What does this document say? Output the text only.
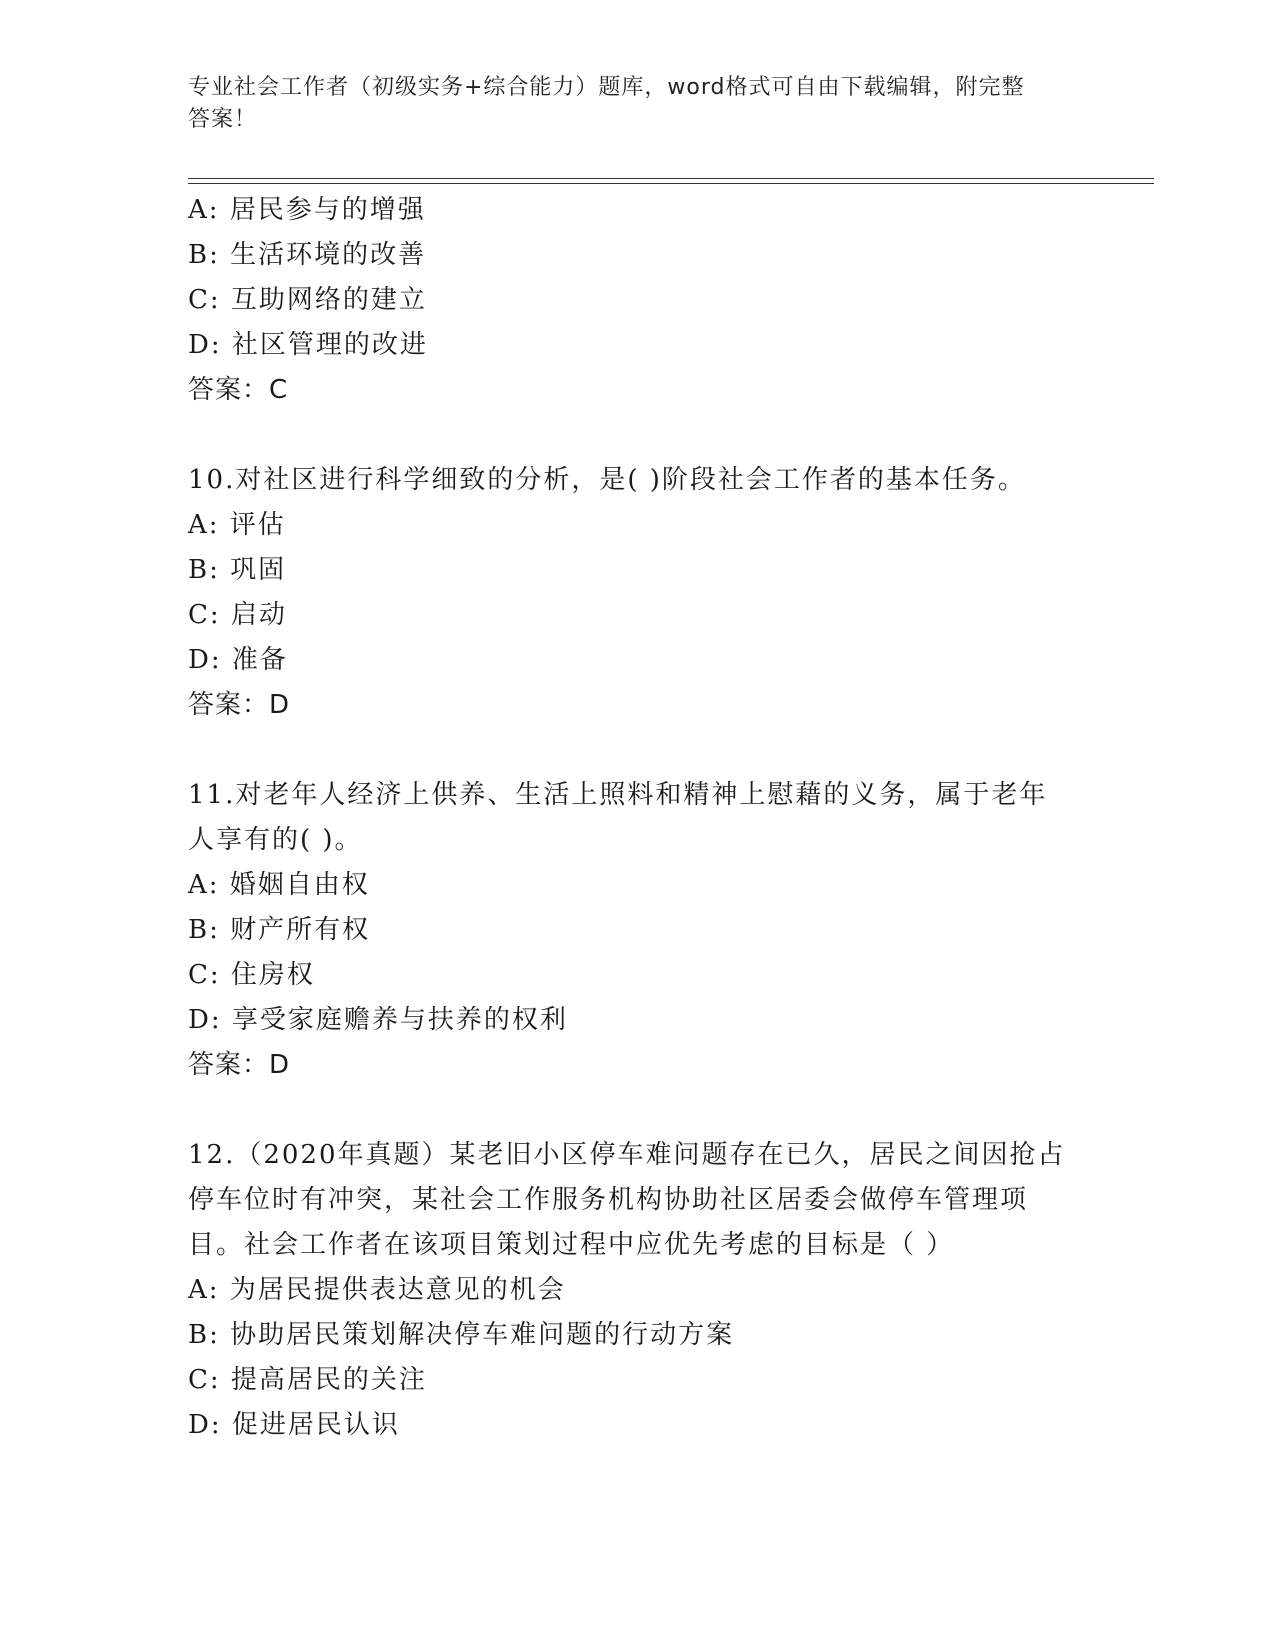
专业社会工作者（初级实务+综合能力）题库，word格式可自由下载编辑，附完整
答案！
A: 居民参与的增强
B: 生活环境的改善
C: 互助网络的建立
D: 社区管理的改进
答案：C
10.对社区进行科学细致的分析，是( )阶段社会工作者的基本任务。
A: 评估
B: 巩固
C: 启动
D: 准备
答案：D
11.对老年人经济上供养、生活上照料和精神上慰藉的义务，属于老年
人享有的( )。
A: 婚姻自由权
B: 财产所有权
C: 住房权
D: 享受家庭赡养与扶养的权利
答案：D
12.（2020年真题）某老旧小区停车难问题存在已久，居民之间因抢占
停车位时有冲突，某社会工作服务机构协助社区居委会做停车管理项
目。社会工作者在该项目策划过程中应优先考虑的目标是（ ）
A: 为居民提供表达意见的机会
B: 协助居民策划解决停车难问题的行动方案
C: 提高居民的关注
D: 促进居民认识
